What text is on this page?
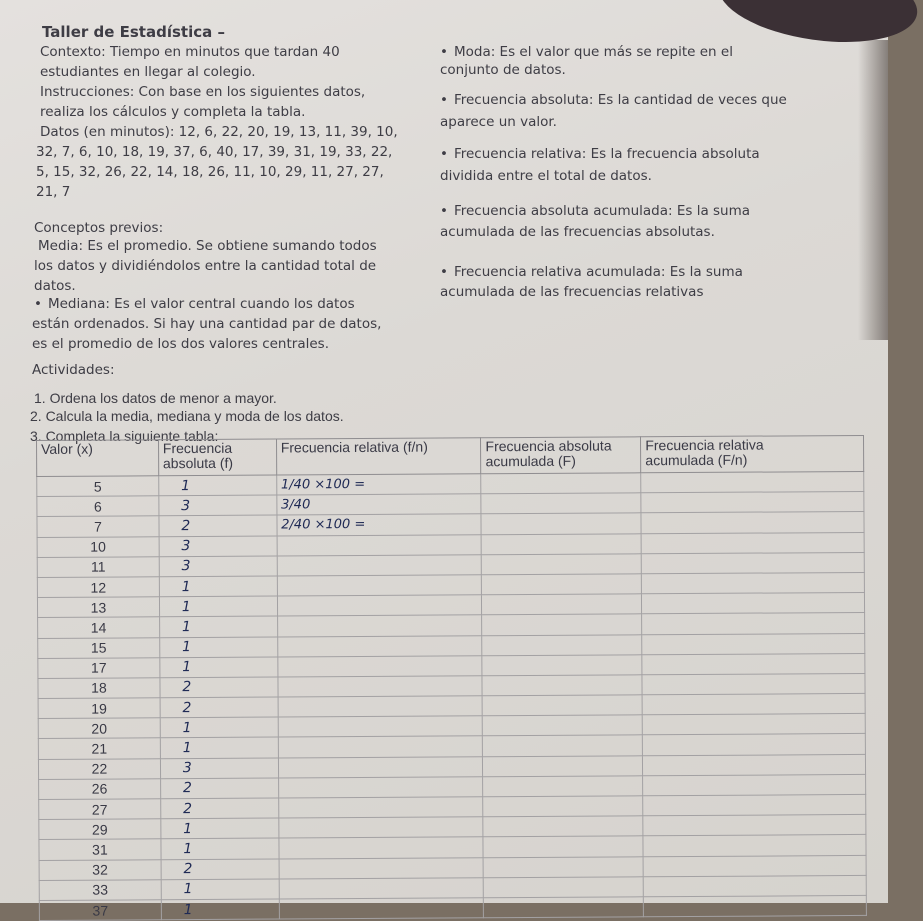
Taller de Estadística –
Contexto: Tiempo en minutos que tardan 40
estudiantes en llegar al colegio.
Instrucciones: Con base en los siguientes datos,
realiza los cálculos y completa la tabla.
Datos (en minutos): 12, 6, 22, 20, 19, 13, 11, 39, 10,
32, 7, 6, 10, 18, 19, 37, 6, 40, 17, 39, 31, 19, 33, 22,
5, 15, 32, 26, 22, 14, 18, 26, 11, 10, 29, 11, 27, 27,
21, 7
Conceptos previos:
Media: Es el promedio. Se obtiene sumando todos
los datos y dividiéndolos entre la cantidad total de
datos.
• Mediana: Es el valor central cuando los datos
están ordenados. Si hay una cantidad par de datos,
es el promedio de los dos valores centrales.
• Moda: Es el valor que más se repite en el
conjunto de datos.
• Frecuencia absoluta: Es la cantidad de veces que
aparece un valor.
• Frecuencia relativa: Es la frecuencia absoluta
dividida entre el total de datos.
• Frecuencia absoluta acumulada: Es la suma
acumulada de las frecuencias absolutas.
• Frecuencia relativa acumulada: Es la suma
acumulada de las frecuencias relativas
Actividades:
1. Ordena los datos de menor a mayor.
2. Calcula la media, mediana y moda de los datos.
3. Completa la siguiente tabla:
Valor (x)	Frecuencia
absoluta (f)	Frecuencia relativa (f/n)	Frecuencia absoluta
acumulada (F)	Frecuencia relativa
acumulada (F/n)
5	1	1/40 ×100 =		
6	3	3/40		
7	2	2/40 ×100 =		
10	3			
11	3			
12	1			
13	1			
14	1			
15	1			
17	1			
18	2			
19	2			
20	1			
21	1			
22	3			
26	2			
27	2			
29	1			
31	1			
32	2			
33	1			
37	1			
